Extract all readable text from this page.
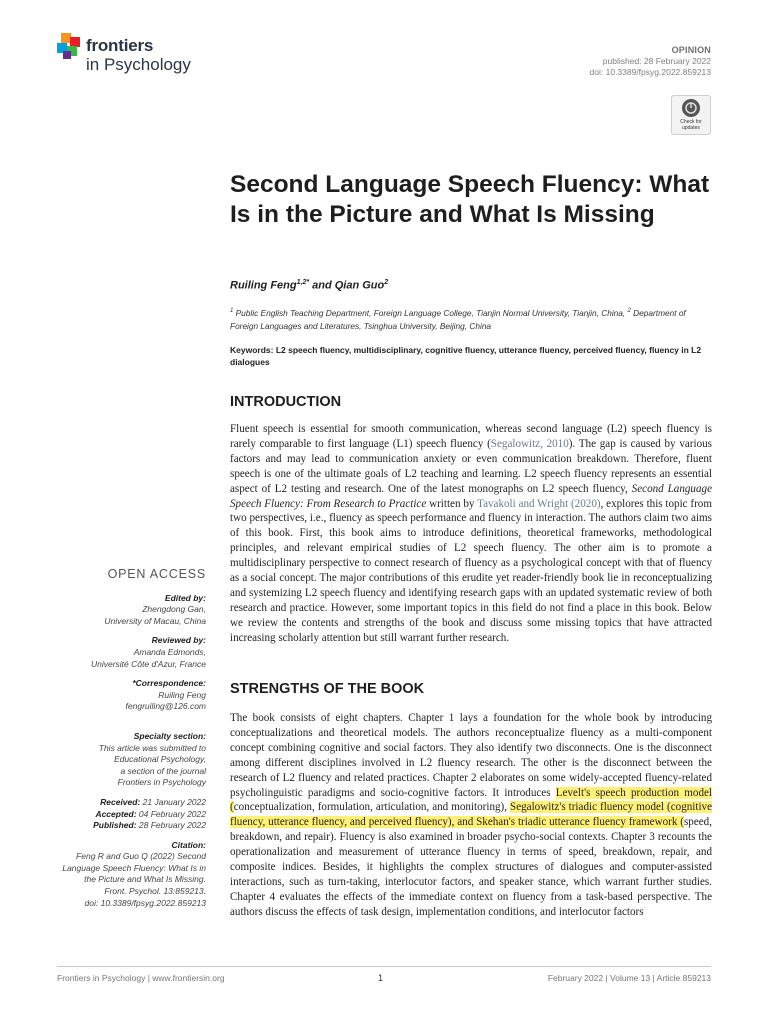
frontiers
in Psychology
OPINION
published: 28 February 2022
doi: 10.3389/fpsyg.2022.859213
Check for
updates
Second Language Speech Fluency: What Is in the Picture and What Is Missing
Ruiling Feng$^{1,2*}$ and Qian Guo$^2$
$^1$ Public English Teaching Department, Foreign Language College, Tianjin Normal University, Tianjin, China, $^2$ Department of Foreign Languages and Literatures, Tsinghua University, Beijing, China
Keywords: L2 speech fluency, multidisciplinary, cognitive fluency, utterance fluency, perceived fluency, fluency in L2 dialogues
INTRODUCTION

Fluent speech is essential for smooth communication, whereas second language (L2) speech fluency is rarely comparable to first language (L1) speech fluency (Segalowitz, 2010). The gap is caused by various factors and may lead to communication anxiety or even communication breakdown. Therefore, fluent speech is one of the ultimate goals of L2 teaching and learning. L2 speech fluency represents an essential aspect of L2 testing and research. One of the latest monographs on L2 speech fluency, Second Language Speech Fluency: From Research to Practice written by Tavakoli and Wright (2020), explores this topic from two perspectives, i.e., fluency as speech performance and fluency in interaction. The authors claim two aims of this book. First, this book aims to introduce definitions, theoretical frameworks, methodological principles, and relevant empirical studies of L2 speech fluency. The other aim is to promote a multidisciplinary perspective to connect research of fluency as a psychological concept with that of fluency as a social concept. The major contributions of this erudite yet reader-friendly book lie in reconceptualizing and systemizing L2 speech fluency and identifying research gaps with an updated systematic review of both research and practice. However, some important topics in this field do not find a place in this book. Below we review the contents and strengths of the book and discuss some missing topics that have attracted increasing scholarly attention but still warrant further research.

STRENGTHS OF THE BOOK

The book consists of eight chapters. Chapter 1 lays a foundation for the whole book by introducing conceptualizations and theoretical models. The authors reconceptualize fluency as a multi-component concept combining cognitive and social factors. They also identify two disconnects. One is the disconnect among different disciplines involved in L2 fluency research. The other is the disconnect between the research of L2 fluency and related practices. Chapter 2 elaborates on some widely-accepted fluency-related psycholinguistic paradigms and socio-cognitive factors. It introduces Levelt's speech production model (conceptualization, formulation, articulation, and monitoring), Segalowitz's triadic fluency model (cognitive fluency, utterance fluency, and perceived fluency), and Skehan's triadic utterance fluency framework (speed, breakdown, and repair). Fluency is also examined in broader psycho-social contexts. Chapter 3 recounts the operationalization and measurement of utterance fluency in terms of speed, breakdown, repair, and composite indices. Besides, it highlights the complex structures of dialogues and computer-assisted interactions, such as turn-taking, interlocutor factors, and speaker stance, which warrant further studies. Chapter 4 evaluates the effects of the immediate context on fluency from a task-based perspective. The authors discuss the effects of task design, implementation conditions, and interlocutor factors

OPEN ACCESS
Edited by:
Zhengdong Gan,
University of Macau, China
Reviewed by:
Amanda Edmonds,
Université Côte d'Azur, France
*Correspondence:
Ruiling Feng
fengruiling@126.com
Specialty section:
This article was submitted to
Educational Psychology,
a section of the journal
Frontiers in Psychology
Received: 21 January 2022
Accepted: 04 February 2022
Published: 28 February 2022
Citation:
Feng R and Guo Q (2022) Second
Language Speech Fluency: What Is in
the Picture and What Is Missing.
Front. Psychol. 13:859213.
doi: 10.3389/fpsyg.2022.859213
Frontiers in Psychology | www.frontiersin.org	1	February 2022 | Volume 13 | Article 859213
